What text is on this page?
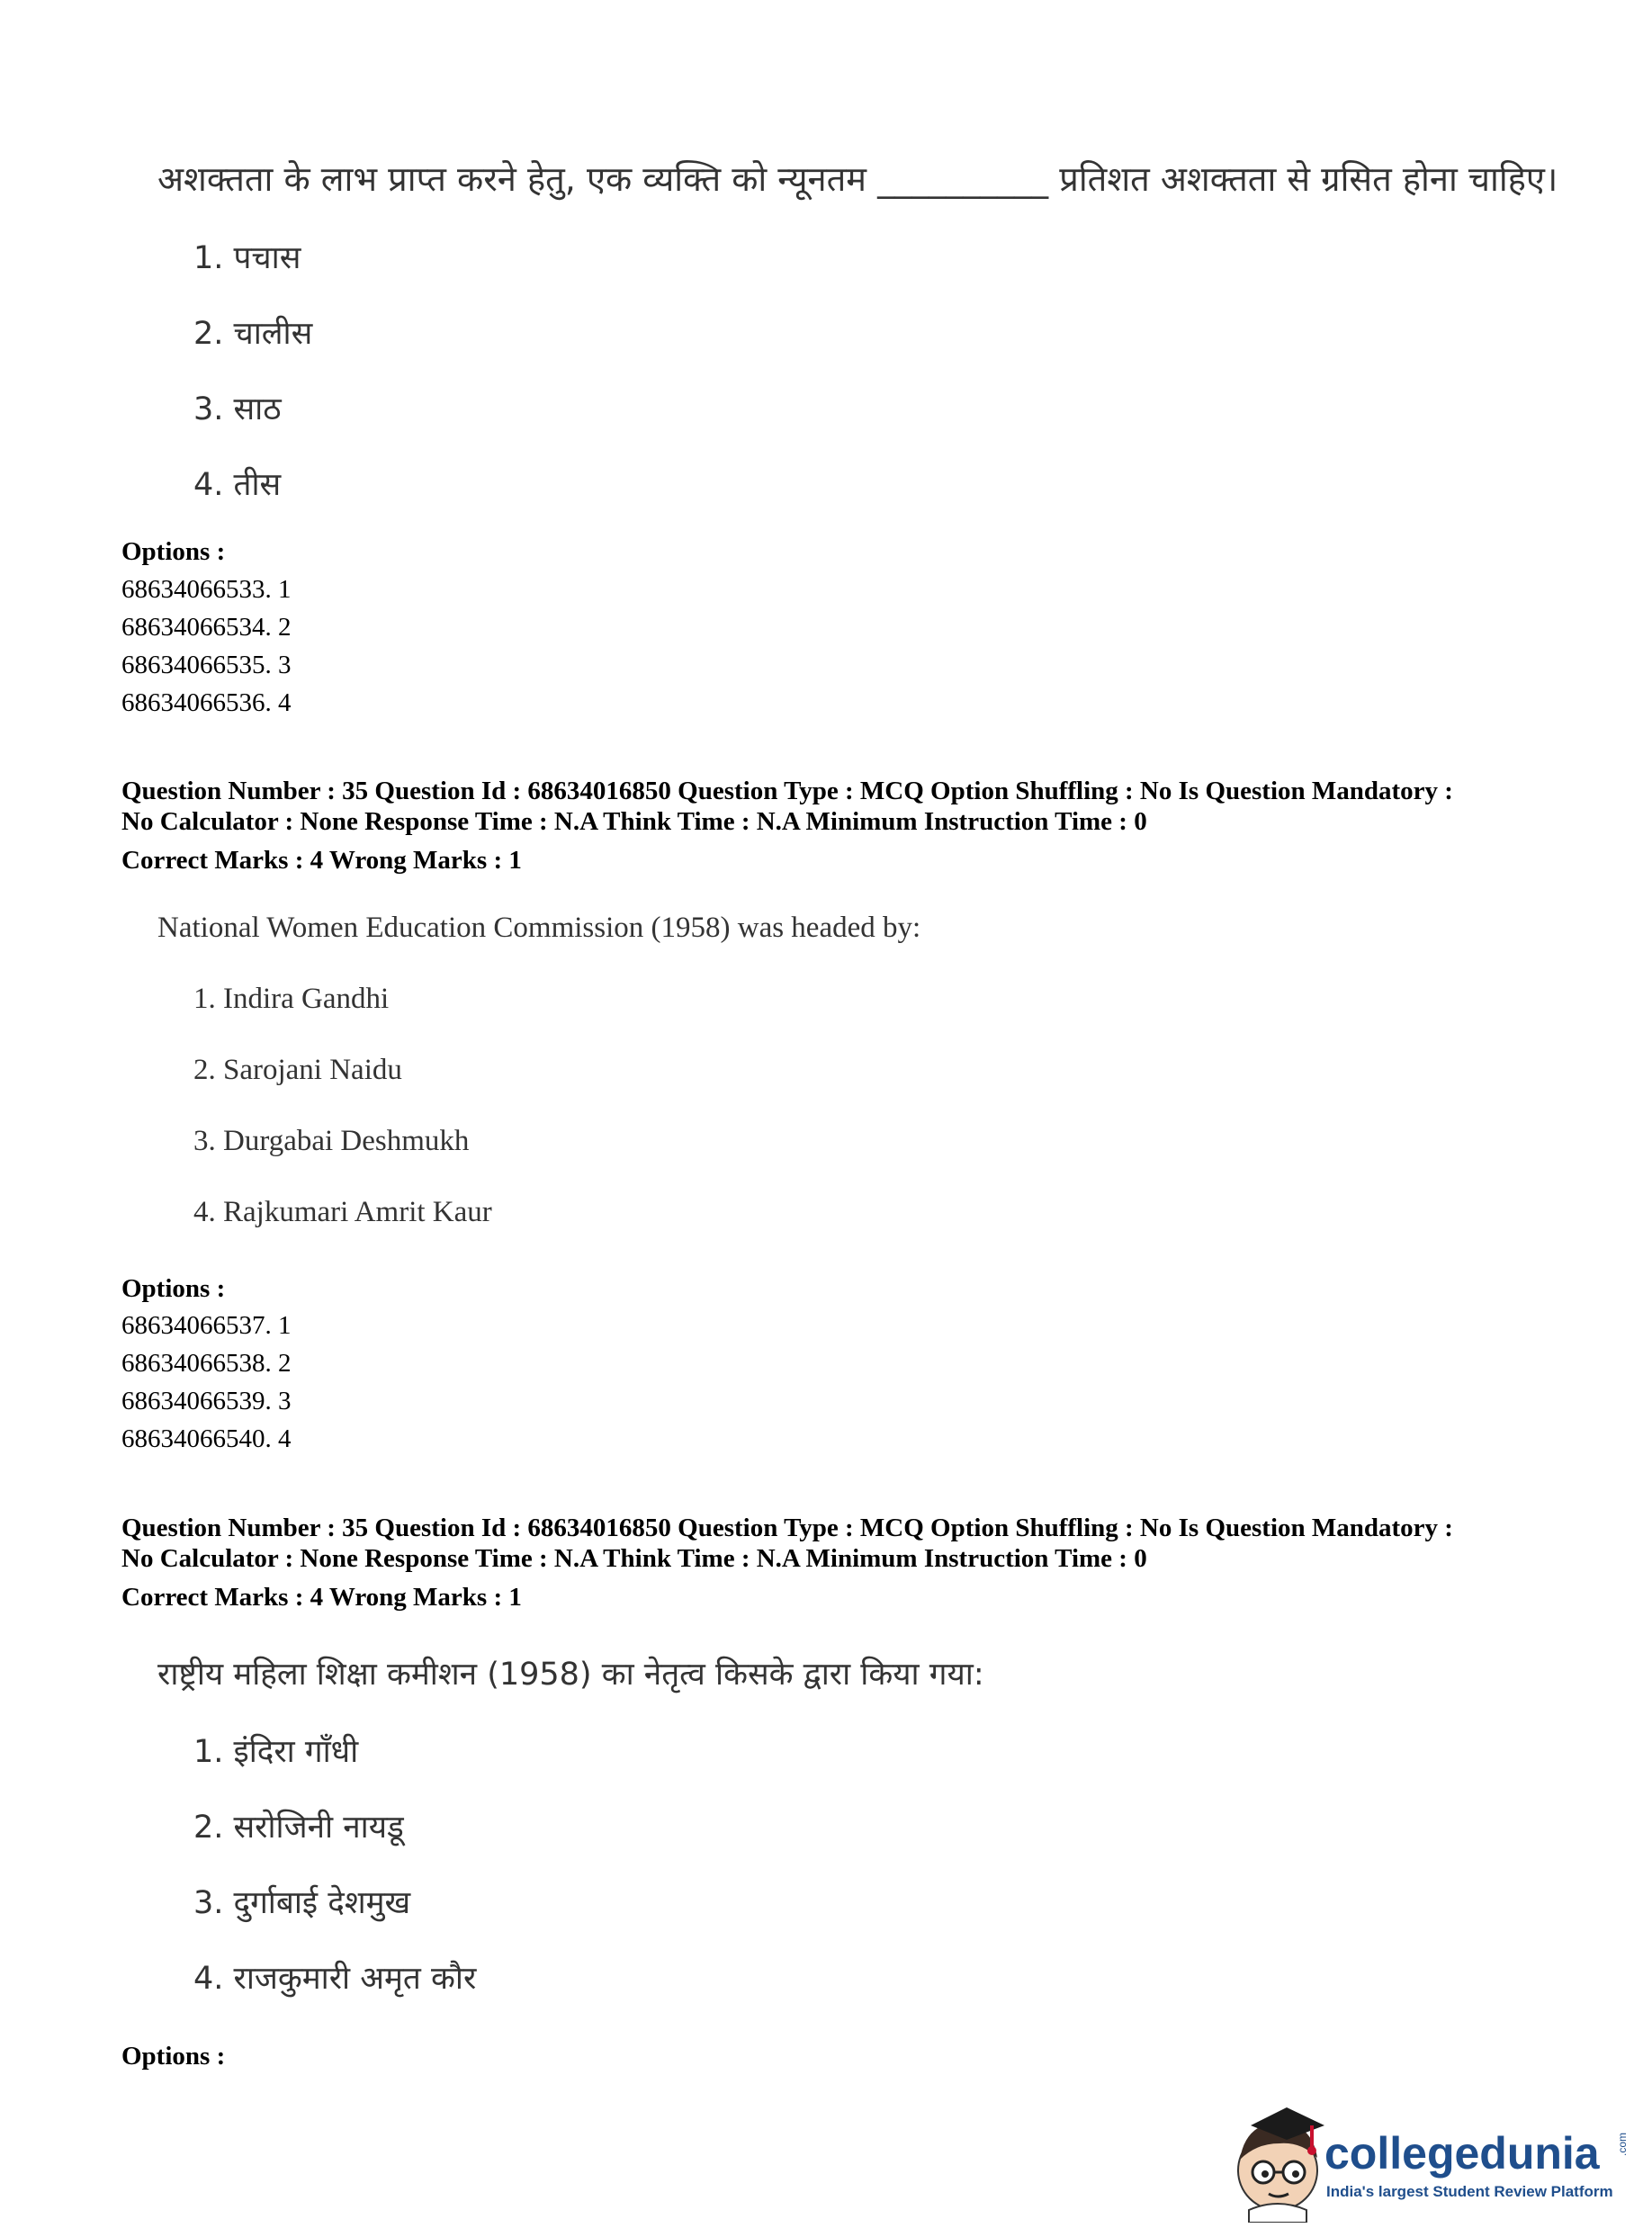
अशक्तता के लाभ प्राप्त करने हेतु, एक व्यक्ति को न्यूनतम __________ प्रतिशत अशक्तता से ग्रसित होना चाहिए।
1. पचास
2. चालीस
3. साठ
4. तीस
Options :
68634066533. 1
68634066534. 2
68634066535. 3
68634066536. 4
Question Number : 35 Question Id : 68634016850 Question Type : MCQ Option Shuffling : No Is Question Mandatory :
No Calculator : None Response Time : N.A Think Time : N.A Minimum Instruction Time : 0
Correct Marks : 4 Wrong Marks : 1
National Women Education Commission (1958) was headed by:
1. Indira Gandhi
2. Sarojani Naidu
3. Durgabai Deshmukh
4. Rajkumari Amrit Kaur
Options :
68634066537. 1
68634066538. 2
68634066539. 3
68634066540. 4
Question Number : 35 Question Id : 68634016850 Question Type : MCQ Option Shuffling : No Is Question Mandatory :
No Calculator : None Response Time : N.A Think Time : N.A Minimum Instruction Time : 0
Correct Marks : 4 Wrong Marks : 1
राष्ट्रीय महिला शिक्षा कमीशन (1958) का नेतृत्व किसके द्वारा किया गया:
1. इंदिरा गाँधी
2. सरोजिनी नायडू
3. दुर्गाबाई देशमुख
4. राजकुमारी अमृत कौर
Options :
collegedunia .com
India's largest Student Review Platform
